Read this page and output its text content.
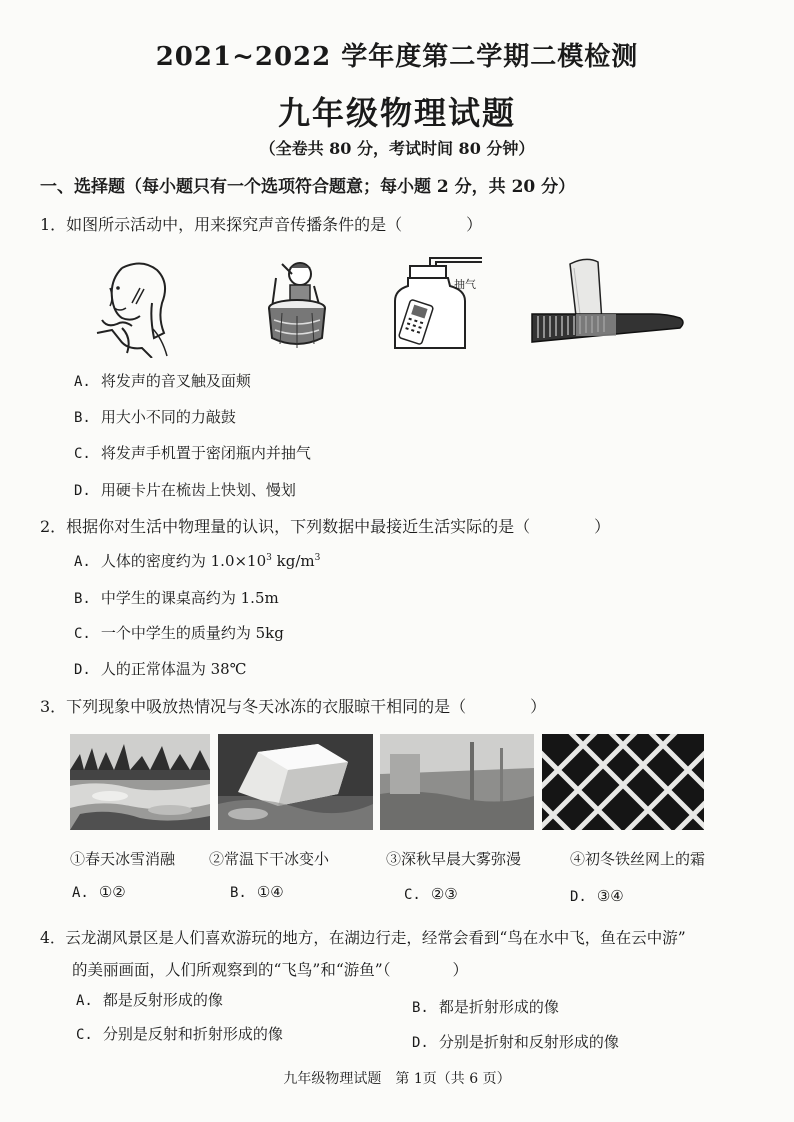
2021~2022 学年度第二学期二模检测
九年级物理试题
（全卷共 80 分，考试时间 80 分钟）
一、选择题（每小题只有一个选项符合题意；每小题 2 分，共 20 分）
1．如图所示活动中，用来探究声音传播条件的是（　　　　）
抽气
A. 将发声的音叉触及面颊
B. 用大小不同的力敲鼓
C. 将发声手机置于密闭瓶内并抽气
D. 用硬卡片在梳齿上快划、慢划
2．根据你对生活中物理量的认识，下列数据中最接近生活实际的是（　　　　）
A. 人体的密度约为 $1.0\times 10^3$ $kg/m^3$
B. 中学生的课桌高约为 1.5m
C. 一个中学生的质量约为 5kg
D. 人的正常体温为 38℃
3．下列现象中吸放热情况与冬天冰冻的衣服晾干相同的是（　　　　）
①春天冰雪消融 ②常温下干冰变小	③深秋早晨大雾弥漫	④初冬铁丝网上的霜
A. ①②	B. ①④	C. ②③	D. ③④
4．云龙湖风景区是人们喜欢游玩的地方，在湖边行走，经常会看到“鸟在水中飞，鱼在云中游”
的美丽画面，人们所观察到的“飞鸟”和“游鱼”（　　　　）
A. 都是反射形成的像	B. 都是折射形成的像
C. 分别是反射和折射形成的像	D. 分别是折射和反射形成的像
九年级物理试题　第 1页（共 6 页）
